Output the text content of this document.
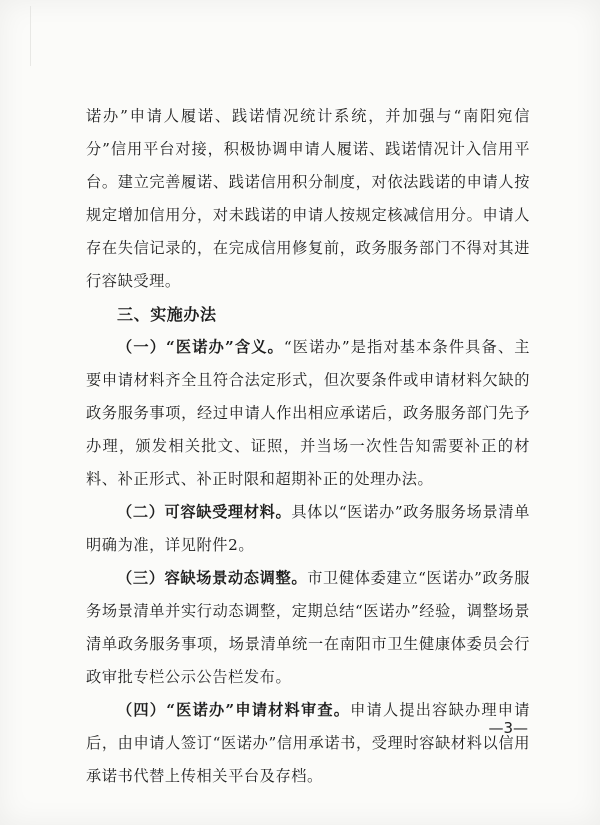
诺办”申请人履诺、践诺情况统计系统，并加强与“南阳宛信分”信用平台对接，积极协调申请人履诺、践诺情况计入信用平台。建立完善履诺、践诺信用积分制度，对依法践诺的申请人按规定增加信用分，对未践诺的申请人按规定核减信用分。申请人存在失信记录的，在完成信用修复前，政务服务部门不得对其进行容缺受理。

三、实施办法

（一）“医诺办”含义。“医诺办”是指对基本条件具备、主要申请材料齐全且符合法定形式，但次要条件或申请材料欠缺的政务服务事项，经过申请人作出相应承诺后，政务服务部门先予办理，颁发相关批文、证照，并当场一次性告知需要补正的材料、补正形式、补正时限和超期补正的处理办法。

（二）可容缺受理材料。具体以“医诺办”政务服务场景清单明确为准，详见附件2。

（三）容缺场景动态调整。市卫健体委建立“医诺办”政务服务场景清单并实行动态调整，定期总结“医诺办”经验，调整场景清单政务服务事项，场景清单统一在南阳市卫生健康体委员会行政审批专栏公示公告栏发布。

（四）“医诺办”申请材料审查。申请人提出容缺办理申请后，由申请人签订“医诺办”信用承诺书，受理时容缺材料以信用承诺书代替上传相关平台及存档。

—3—
